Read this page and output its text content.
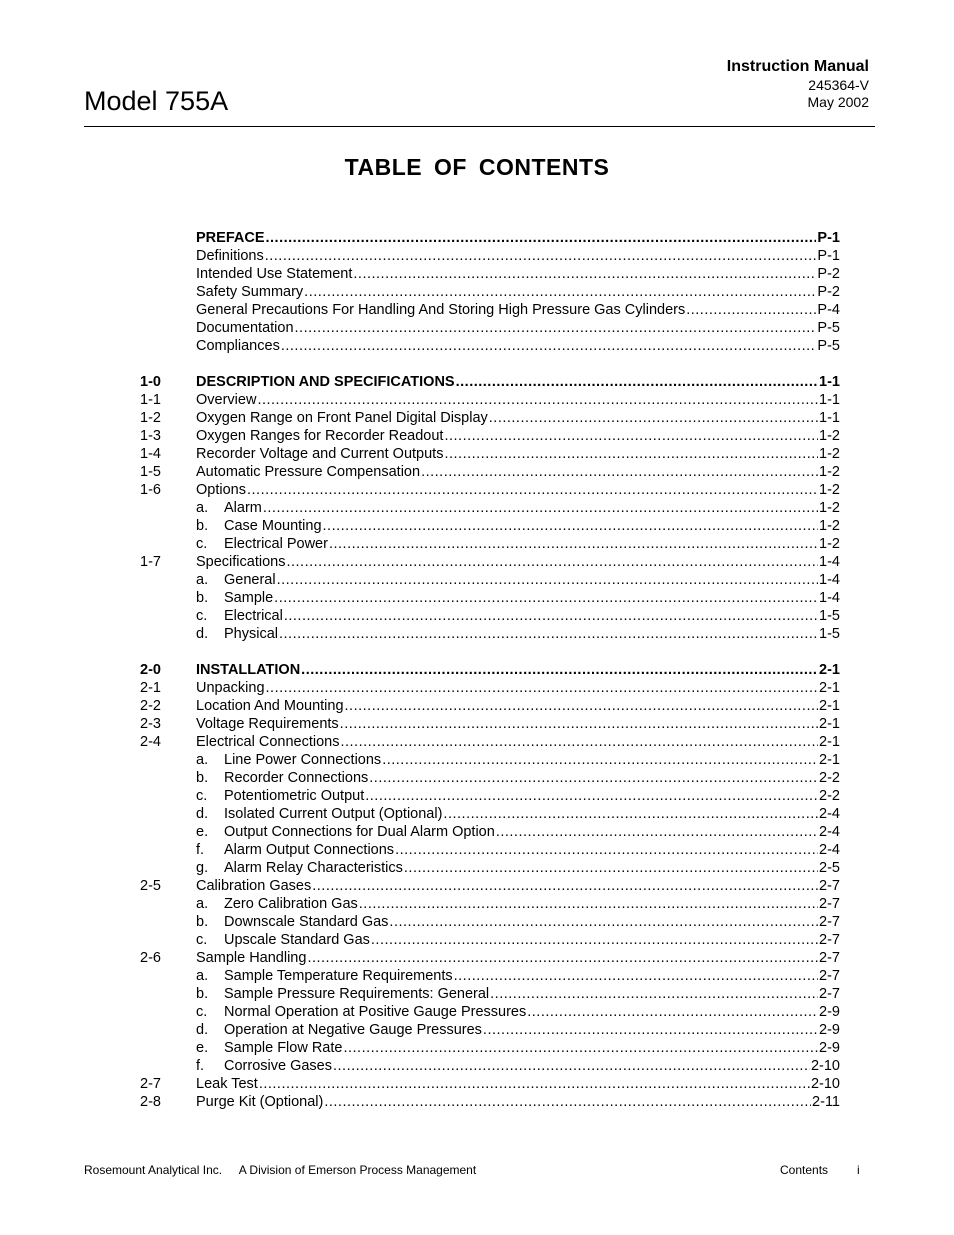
Model 755A
Instruction Manual
245364-V
May 2002
TABLE OF CONTENTS
PREFACE .....	P-1
Definitions .....	P-1
Intended Use Statement .....	P-2
Safety Summary .....	P-2
General Precautions For Handling And Storing High Pressure Gas Cylinders .....	P-4
Documentation .....	P-5
Compliances .....	P-5
1-0	DESCRIPTION AND SPECIFICATIONS .....	1-1
1-1	Overview .....	1-1
1-2	Oxygen Range on Front Panel Digital Display .....	1-1
1-3	Oxygen Ranges for Recorder Readout .....	1-2
1-4	Recorder Voltage and Current Outputs .....	1-2
1-5	Automatic Pressure Compensation .....	1-2
1-6	Options .....	1-2
a.	Alarm .....	1-2
b.	Case Mounting .....	1-2
c.	Electrical Power .....	1-2
1-7	Specifications .....	1-4
a.	General .....	1-4
b.	Sample .....	1-4
c.	Electrical .....	1-5
d.	Physical .....	1-5
2-0	INSTALLATION .....	2-1
2-1	Unpacking .....	2-1
2-2	Location And Mounting .....	2-1
2-3	Voltage Requirements .....	2-1
2-4	Electrical Connections .....	2-1
a.	Line Power Connections .....	2-1
b.	Recorder Connections .....	2-2
c.	Potentiometric Output .....	2-2
d.	Isolated Current Output (Optional) .....	2-4
e.	Output Connections for Dual Alarm Option .....	2-4
f.	Alarm Output Connections .....	2-4
g.	Alarm Relay Characteristics .....	2-5
2-5	Calibration Gases .....	2-7
a.	Zero Calibration Gas .....	2-7
b.	Downscale Standard Gas .....	2-7
c.	Upscale Standard Gas .....	2-7
2-6	Sample Handling .....	2-7
a.	Sample Temperature Requirements .....	2-7
b.	Sample Pressure Requirements: General .....	2-7
c.	Normal Operation at Positive Gauge Pressures .....	2-9
d.	Operation at Negative Gauge Pressures .....	2-9
e.	Sample Flow Rate .....	2-9
f.	Corrosive Gases .....	2-10
2-7	Leak Test .....	2-10
2-8	Purge Kit (Optional) .....	2-11
Rosemount Analytical Inc. A Division of Emerson Process Management	Contents i
